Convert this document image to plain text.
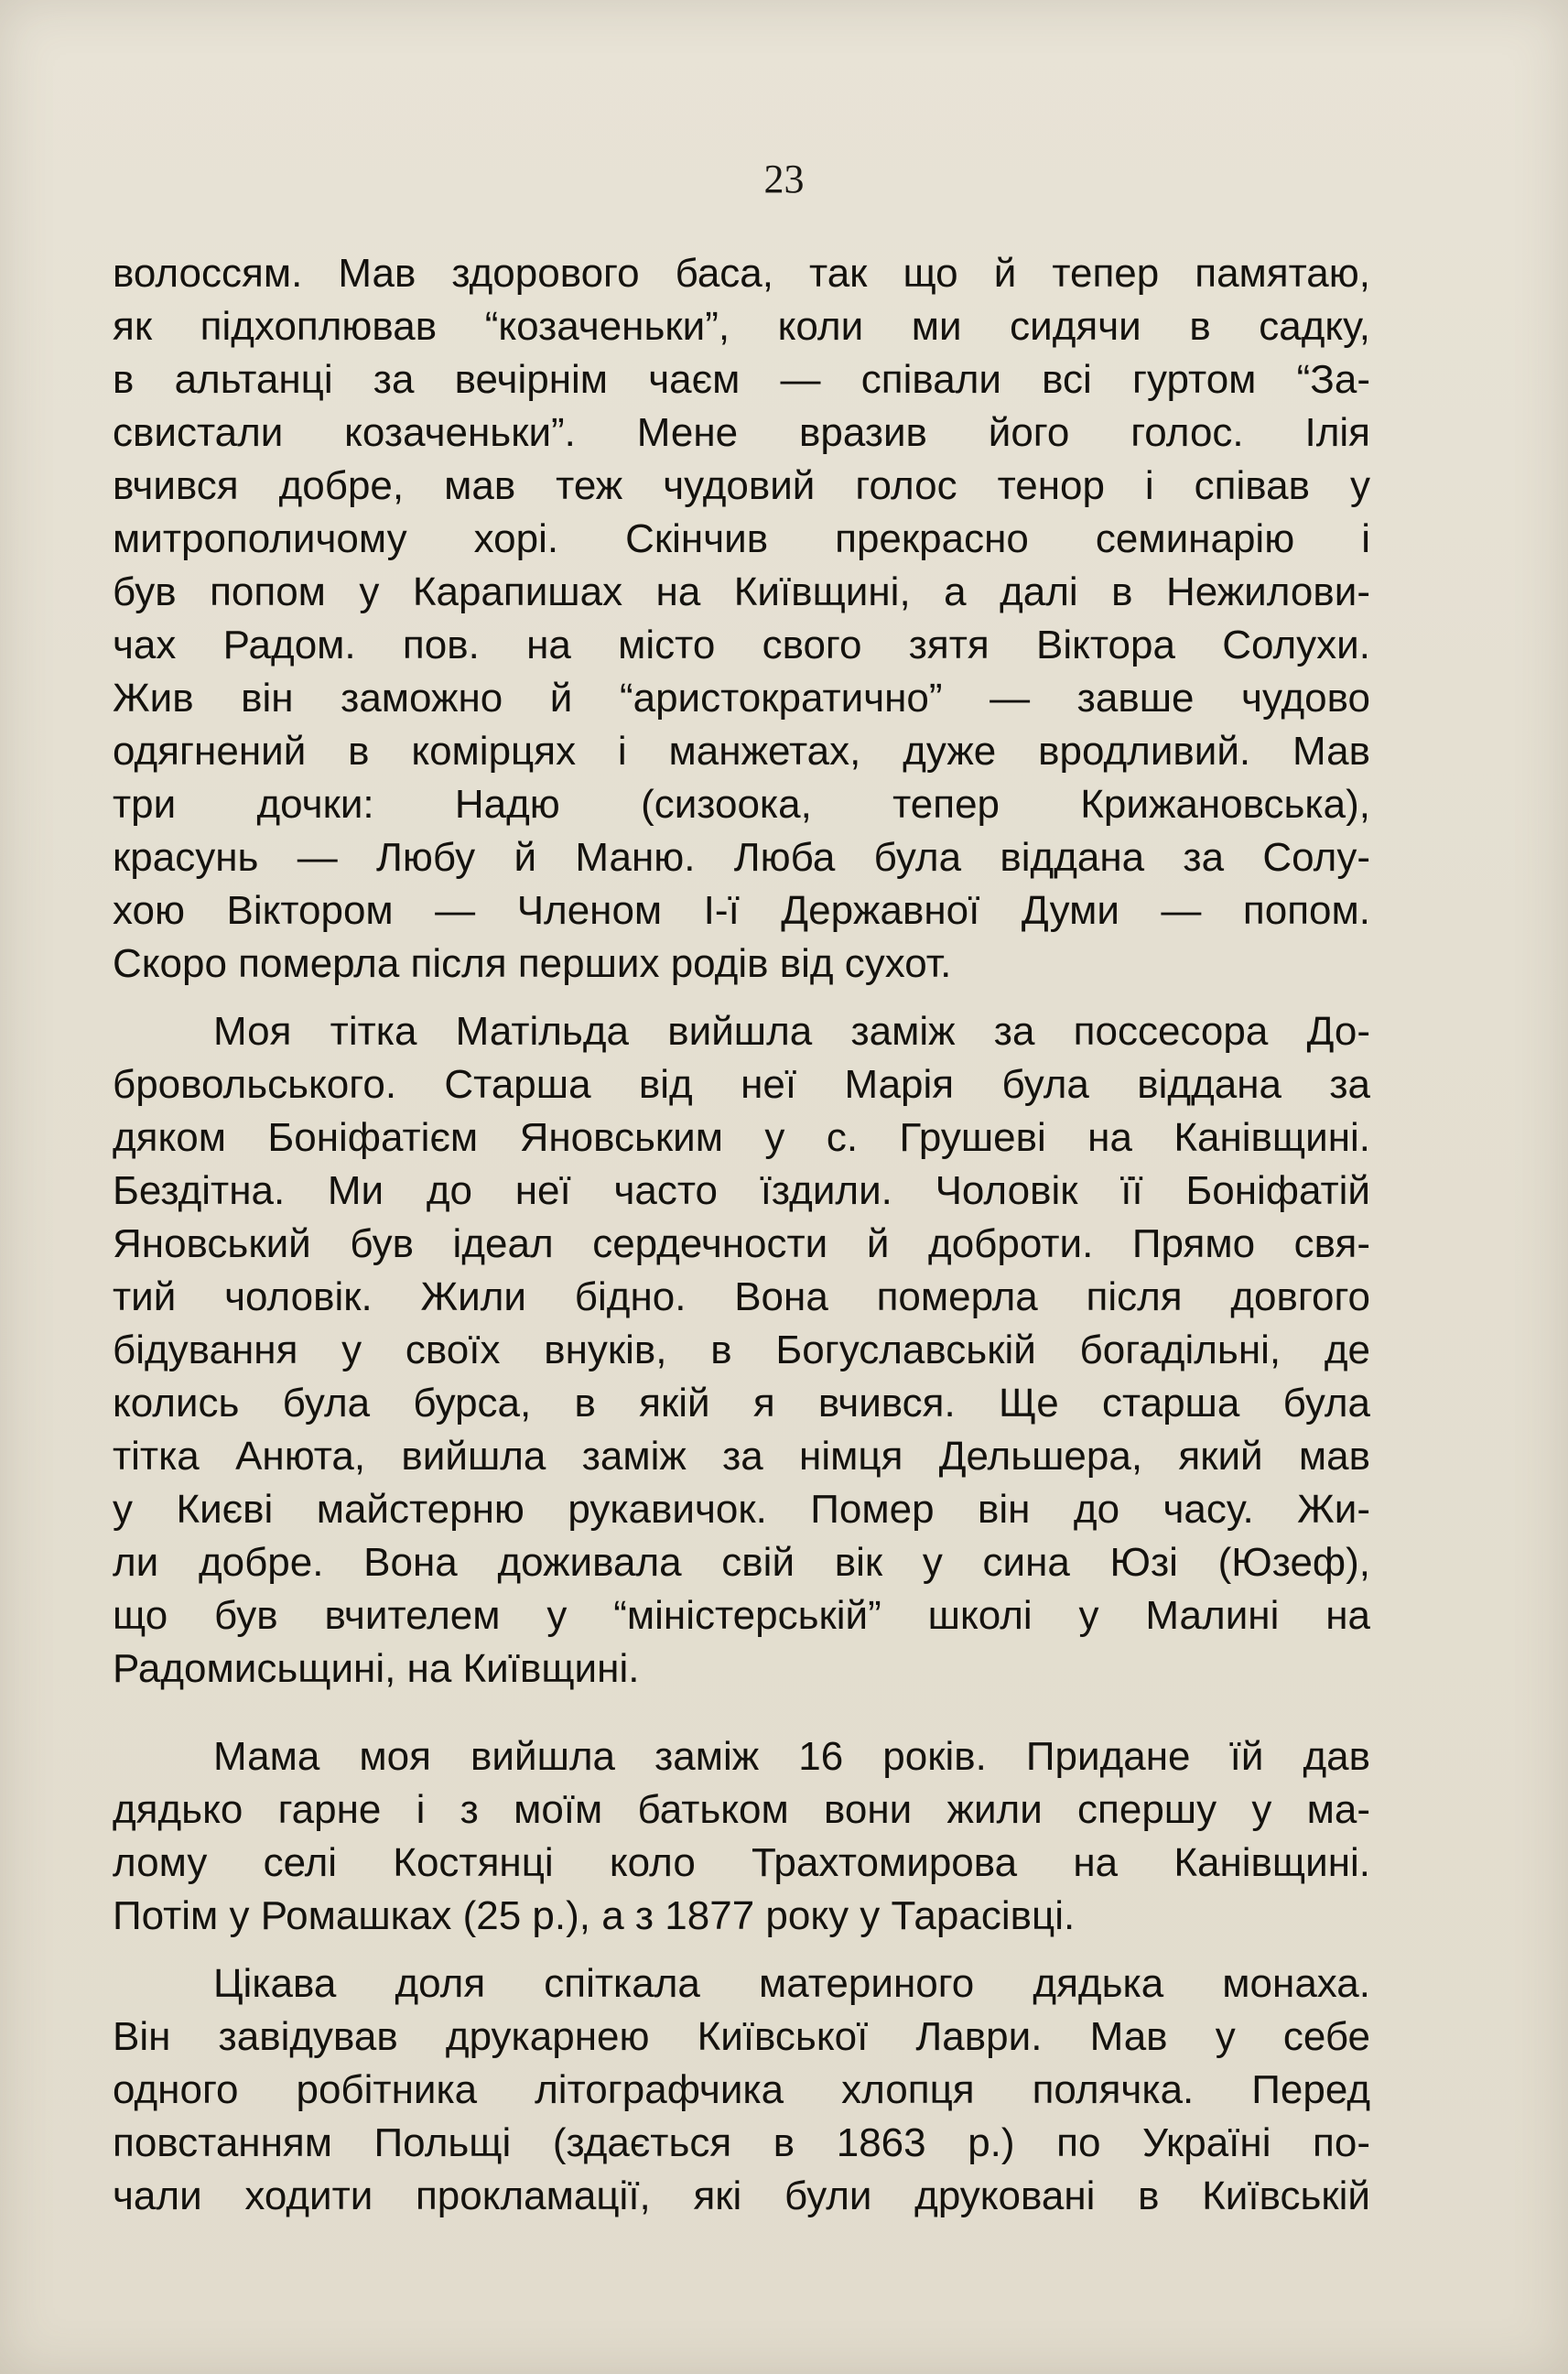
23
волоссям. Мав здорового баса, так що й тепер памятаю,
як підхоплював “козаченьки”, коли ми сидячи в садку,
в альтанці за вечірнім чаєм — співали всі гуртом “За-
свистали козаченьки”. Мене вразив його голос. Ілія
вчився добре, мав теж чудовий голос тенор і співав у
митрополичому хорі. Скінчив прекрасно семинарію і
був попом у Карапишах на Київщині, а далі в Нежилови-
чах Радом. пов. на місто свого зятя Віктора Солухи.
Жив він заможно й “аристократично” — завше чудово
одягнений в комірцях і манжетах, дуже вродливий. Мав
три дочки: Надю (сизоока, тепер Крижановська),
красунь — Любу й Маню. Люба була віддана за Солу-
хою Віктором — Членом І-ї Державної Думи — попом.
Скоро померла після перших родів від сухот.
Моя тітка Матільда вийшла заміж за поссесора До-
бровольського. Старша від неї Марія була віддана за
дяком Боніфатієм Яновським у с. Грушеві на Канівщині.
Бездітна. Ми до неї часто їздили. Чоловік її Боніфатій
Яновський був ідеал сердечности й доброти. Прямо свя-
тий чоловік. Жили бідно. Вона померла після довгого
бідування у своїх внуків, в Богуславській богадільні, де
колись була бурса, в якій я вчився. Ще старша була
тітка Анюта, вийшла заміж за німця Дельшера, який мав
у Києві майстерню рукавичок. Помер він до часу. Жи-
ли добре. Вона доживала свій вік у сина Юзі (Юзеф),
що був вчителем у “міністерській” школі у Малині на
Радомисьщині, на Київщині.
Мама моя вийшла заміж 16 років. Придане їй дав
дядько гарне і з моїм батьком вони жили спершу у ма-
лому селі Костянці коло Трахтомирова на Канівщині.
Потім у Ромашках (25 р.), а з 1877 року у Тарасівці.
Цікава доля спіткала материного дядька монаха.
Він завідував друкарнею Київської Лаври. Мав у себе
одного робітника літографчика хлопця полячка. Перед
повстанням Польщі (здається в 1863 р.) по Україні по-
чали ходити прокламації, які були друковані в Київській
